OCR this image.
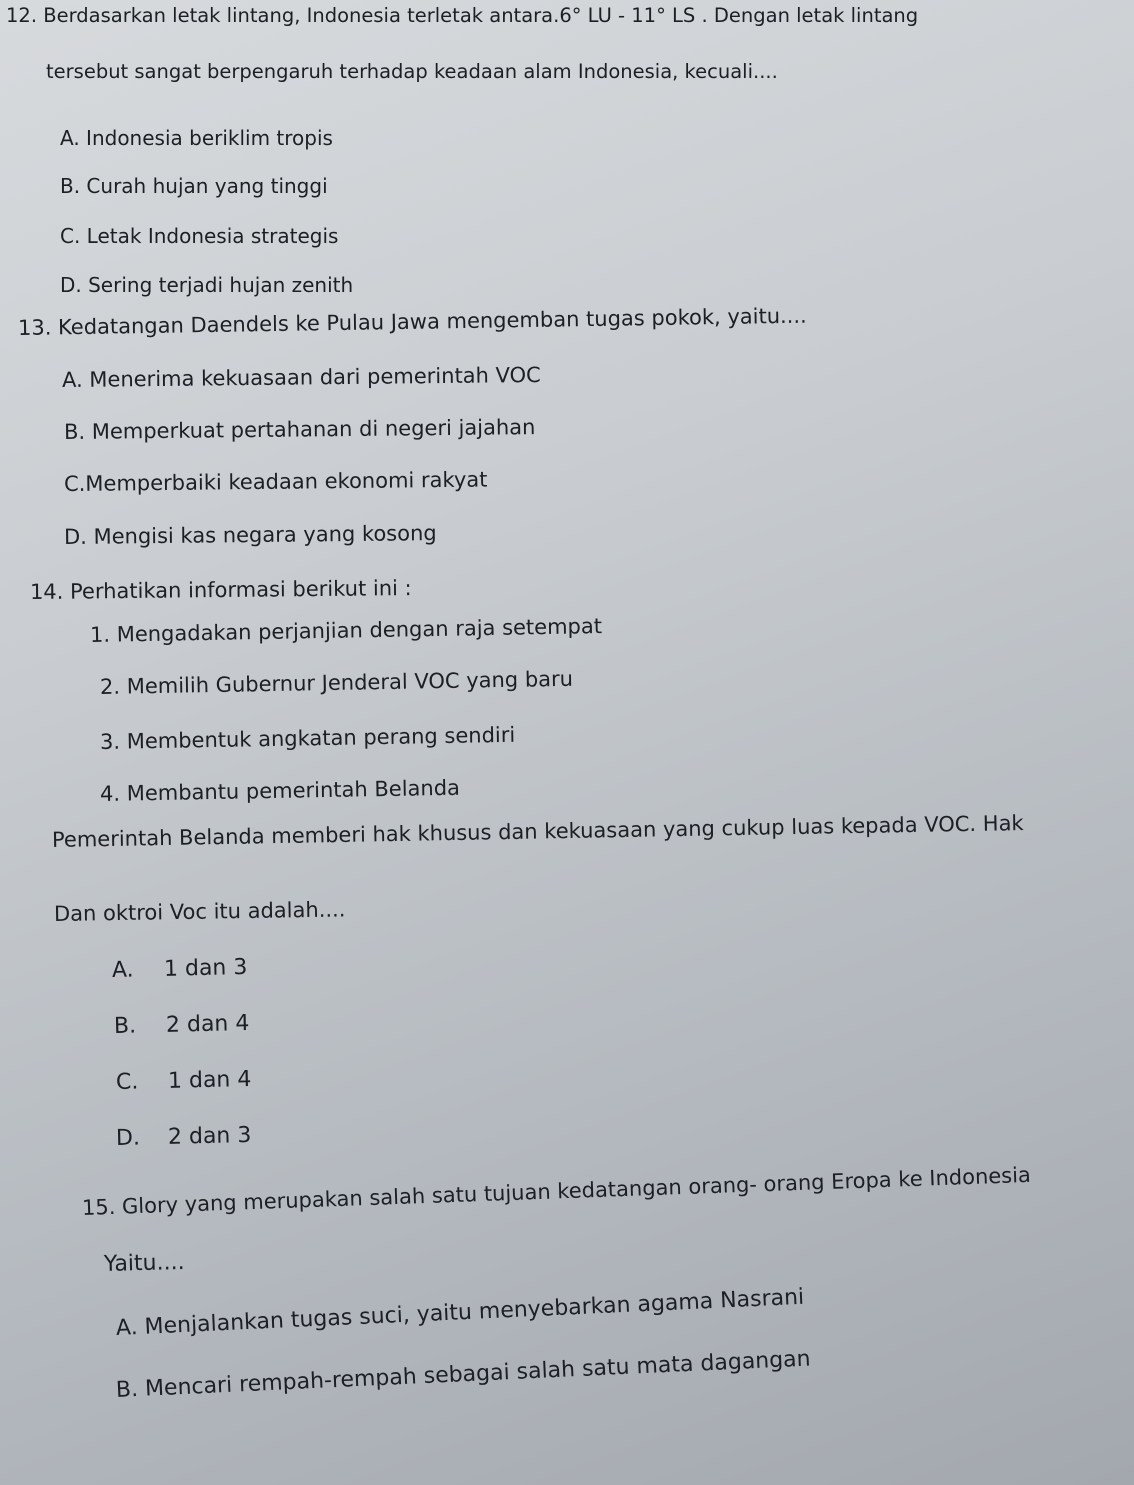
12. Berdasarkan letak lintang, Indonesia terletak antara.6° LU - 11° LS . Dengan letak lintang
tersebut sangat berpengaruh terhadap keadaan alam Indonesia, kecuali....
A. Indonesia beriklim tropis
B. Curah hujan yang tinggi
C. Letak Indonesia strategis
D. Sering terjadi hujan zenith
13. Kedatangan Daendels ke Pulau Jawa mengemban tugas pokok, yaitu....
A. Menerima kekuasaan dari pemerintah VOC
B. Memperkuat pertahanan di negeri jajahan
C.Memperbaiki keadaan ekonomi rakyat
D. Mengisi kas negara yang kosong
14. Perhatikan informasi berikut ini :
1. Mengadakan perjanjian dengan raja setempat
2. Memilih Gubernur Jenderal VOC yang baru
3. Membentuk angkatan perang sendiri
4. Membantu pemerintah Belanda
Pemerintah Belanda memberi hak khusus dan kekuasaan yang cukup luas kepada VOC. Hak
Dan oktroi Voc itu adalah....
A. 1 dan 3
B. 2 dan 4
C. 1 dan 4
D. 2 dan 3
15. Glory yang merupakan salah satu tujuan kedatangan orang- orang Eropa ke Indonesia
Yaitu....
A. Menjalankan tugas suci, yaitu menyebarkan agama Nasrani
B. Mencari rempah-rempah sebagai salah satu mata dagangan
